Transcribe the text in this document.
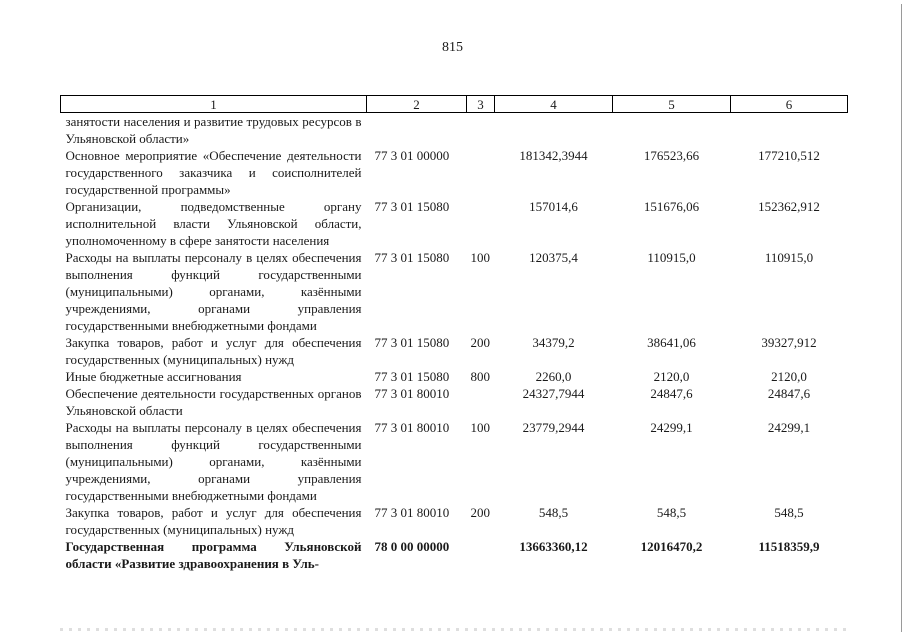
815
1	2	3	4	5	6
занятости населения и развитие трудовых ресурсов в Ульяновской области»					
Основное мероприятие «Обеспечение деятельности государственного заказчика и соисполнителей государственной программы»	77 3 01 00000		181342,3944	176523,66	177210,512
Организации, подведомственные органу исполнительной власти Ульяновской области, уполномоченному в сфере занятости населения	77 3 01 15080		157014,6	151676,06	152362,912
Расходы на выплаты персоналу в целях обеспечения выполнения функций государственными (муниципальными) органами, казёнными учреждениями, органами управления государственными внебюджетными фондами	77 3 01 15080	100	120375,4	110915,0	110915,0
Закупка товаров, работ и услуг для обеспечения государственных (муниципальных) нужд	77 3 01 15080	200	34379,2	38641,06	39327,912
Иные бюджетные ассигнования	77 3 01 15080	800	2260,0	2120,0	2120,0
Обеспечение деятельности государственных органов Ульяновской области	77 3 01 80010		24327,7944	24847,6	24847,6
Расходы на выплаты персоналу в целях обеспечения выполнения функций государственными (муниципальными) органами, казёнными учреждениями, органами управления государственными внебюджетными фондами	77 3 01 80010	100	23779,2944	24299,1	24299,1
Закупка товаров, работ и услуг для обеспечения государственных (муниципальных) нужд	77 3 01 80010	200	548,5	548,5	548,5
Государственная программа Ульяновской области «Развитие здравоохранения в Уль-	78 0 00 00000		13663360,12	12016470,2	11518359,9
